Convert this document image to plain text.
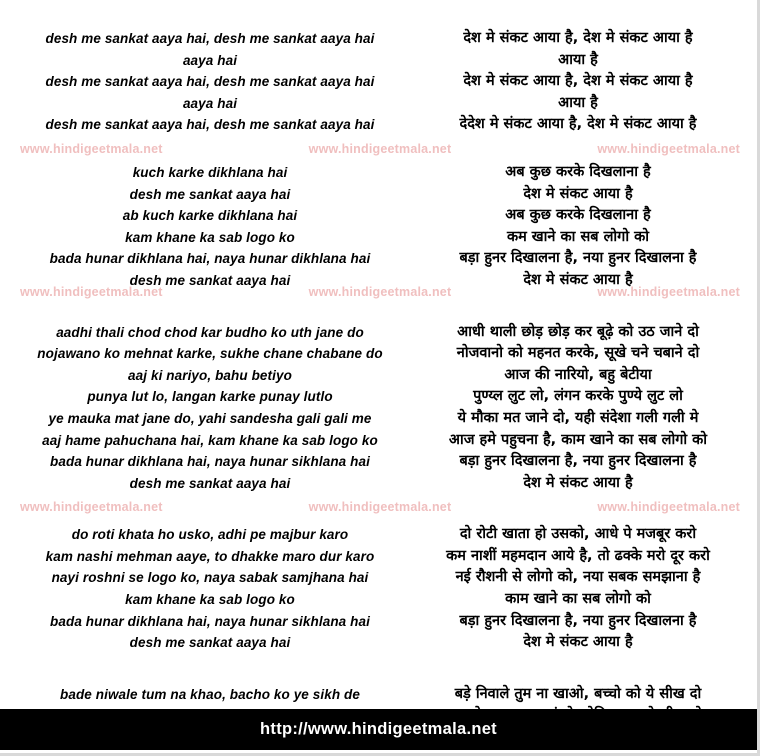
desh me sankat aaya hai, desh me sankat aaya hai
aaya hai
desh me sankat aaya hai, desh me sankat aaya hai
aaya hai
desh me sankat aaya hai, desh me sankat aaya hai
देश मे संकट आया है, देश मे संकट आया है
आया है
देश मे संकट आया है, देश मे संकट आया है
आया है
देदेश मे संकट आया है, देश मे संकट आया है
kuch karke dikhlana hai
desh me sankat aaya hai
ab kuch karke dikhlana hai
kam khane ka sab logo ko
bada hunar dikhlana hai, naya hunar dikhlana hai
desh me sankat aaya hai
अब कुछ करके दिखलाना है
देश मे संकट आया है
अब कुछ करके दिखलाना है
कम खाने का सब लोगो को
बड़ा हुनर दिखालना है, नया हुनर दिखालना है
देश मे संकट आया है
aadhi thali chod chod kar budho ko uth jane do
nojawano ko mehnat karke, sukhe chane chabane do
aaj ki nariyo, bahu betiyo
punya lut lo, langan karke punay lutlo
ye mauka mat jane do, yahi sandesha gali gali me
aaj hame pahuchana hai, kam khane ka sab logo ko
bada hunar dikhlana hai, naya hunar sikhlana hai
desh me sankat aaya hai
आधी थाली छोड़ छोड़ कर बूढ़े को उठ जाने दो
नोजवानो को महनत करके, सूखे चने चबाने दो
आज की नारियो, बहु बेटीया
पुण्य्ल लुट लो, लंगन करके पुण्ये लुट लो
ये मौका मत जाने दो, यही संदेशा गली गली मे
आज हमे पहुचना है, काम खाने का सब लोगो को
बड़ा हुनर दिखालना है, नया हुनर दिखालना है
देश मे संकट आया है
do roti khata ho usko, adhi pe majbur karo
kam nashi mehman aaye, to dhakke maro dur karo
nayi roshni se logo ko, naya sabak samjhana hai
kam khane ka sab logo ko
bada hunar dikhlana hai, naya hunar sikhlana hai
desh me sankat aaya hai
दो रोटी खाता हो उसको, आधे पे मजबूर करो
कम नाशीं महमदान आये है, तो ढक्के मरो दूर करो
नई रौशनी से लोगो को, नया सबक समझाना है
काम खाने का सब लोगो को
बड़ा हुनर दिखालना है, नया हुनर दिखालना है
देश मे संकट आया है
bade niwale tum na khao, bacho ko ye sikh de	बड़े निवाले तुम ना खाओ, बच्चो को ये सीख दो
www.hindigeetmala.net	www.hindigeetmala.net	www.hindigeetmala.net
www.hindigeetmala.net	www.hindigeetmala.net	www.hindigeetmala.net
www.hindigeetmala.net	www.hindigeetmala.net	www.hindigeetmala.net
http://www.hindigeetmala.net
